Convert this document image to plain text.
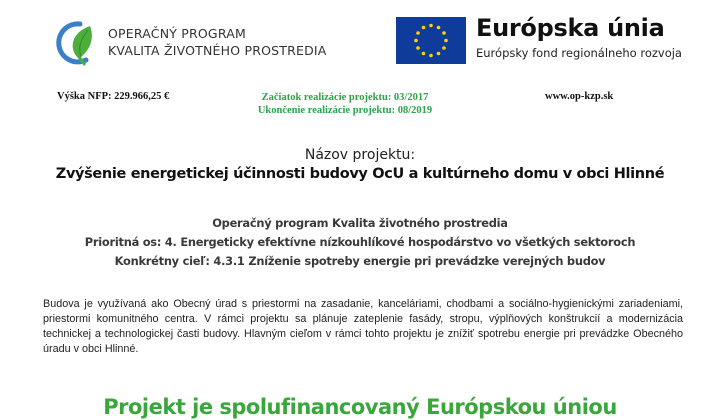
OPERAČNÝ PROGRAM
KVALITA ŽIVOTNÉHO PROSTREDIA
Európska únia
Európsky fond regionálneho rozvoja
Výška NFP: 229.966,25 €	Začiatok realizácie projektu: 03/2017
Ukončenie realizácie projektu: 08/2019
www.op-kzp.sk
Názov projektu:
Zvýšenie energetickej účinnosti budovy OcU a kultúrneho domu v obci Hlinné
Operačný program Kvalita životného prostredia
Prioritná os: 4. Energeticky efektívne nízkouhlíkové hospodárstvo vo všetkých sektoroch
Konkrétny cieľ: 4.3.1 Zníženie spotreby energie pri prevádzke verejných budov
Budova je využívaná ako Obecný úrad s priestormi na zasadanie, kanceláriami, chodbami a sociálno-hygienickými zariadeniami, priestormi komunitného centra. V rámci projektu sa plánuje zateplenie fasády, stropu, výplňových konštrukcií a modernizácia technickej a technologickej časti budovy. Hlavným cieľom v rámci tohto projektu je znížiť spotrebu energie pri prevádzke Obecného úradu v obci Hlinné.
Projekt je spolufinancovaný Európskou úniou
